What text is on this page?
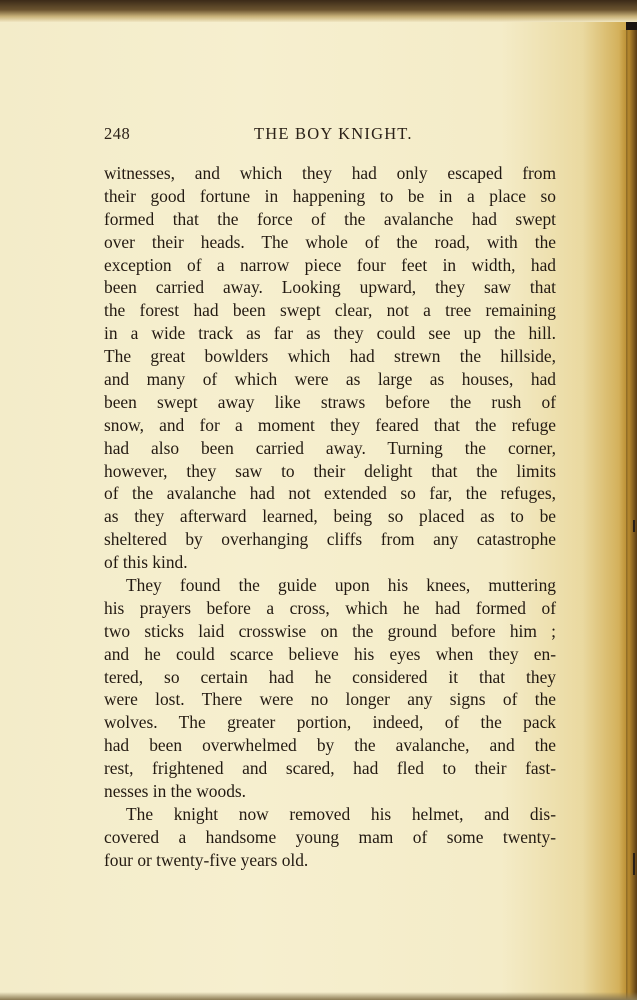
248	THE BOY KNIGHT.
witnesses, and which they had only escaped from
their good fortune in happening to be in a place so
formed that the force of the avalanche had swept
over their heads. The whole of the road, with the
exception of a narrow piece four feet in width, had
been carried away. Looking upward, they saw that
the forest had been swept clear, not a tree remaining
in a wide track as far as they could see up the hill.
The great bowlders which had strewn the hillside,
and many of which were as large as houses, had
been swept away like straws before the rush of
snow, and for a moment they feared that the refuge
had also been carried away. Turning the corner,
however, they saw to their delight that the limits
of the avalanche had not extended so far, the refuges,
as they afterward learned, being so placed as to be
sheltered by overhanging cliffs from any catastrophe
of this kind.
They found the guide upon his knees, muttering
his prayers before a cross, which he had formed of
two sticks laid crosswise on the ground before him ;
and he could scarce believe his eyes when they en-
tered, so certain had he considered it that they
were lost. There were no longer any signs of the
wolves. The greater portion, indeed, of the pack
had been overwhelmed by the avalanche, and the
rest, frightened and scared, had fled to their fast-
nesses in the woods.
The knight now removed his helmet, and dis-
covered a handsome young mam of some twenty-
four or twenty-five years old.
